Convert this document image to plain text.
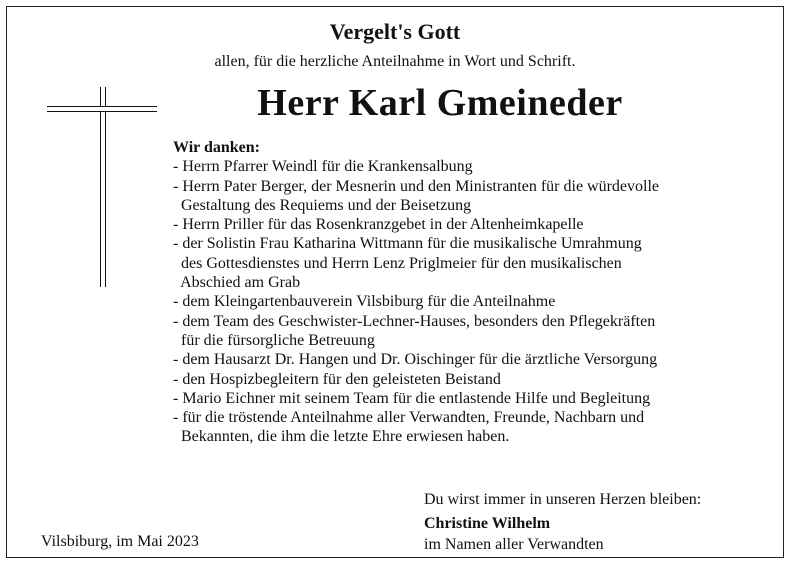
Vergelt's Gott
allen, für die herzliche Anteilnahme in Wort und Schrift.
Herr Karl Gmeineder
Wir danken:
- Herrn Pfarrer Weindl für die Krankensalbung
- Herrn Pater Berger, der Mesnerin und den Ministranten für die würdevolle
Gestaltung des Requiems und der Beisetzung
- Herrn Priller für das Rosenkranzgebet in der Altenheimkapelle
- der Solistin Frau Katharina Wittmann für die musikalische Umrahmung
des Gottesdienstes und Herrn Lenz Priglmeier für den musikalischen
Abschied am Grab
- dem Kleingartenbauverein Vilsbiburg für die Anteilnahme
- dem Team des Geschwister-Lechner-Hauses, besonders den Pflegekräften
für die fürsorgliche Betreuung
- dem Hausarzt Dr. Hangen und Dr. Oischinger für die ärztliche Versorgung
- den Hospizbegleitern für den geleisteten Beistand
- Mario Eichner mit seinem Team für die entlastende Hilfe und Begleitung
- für die tröstende Anteilnahme aller Verwandten, Freunde, Nachbarn und
Bekannten, die ihm die letzte Ehre erwiesen haben.
Du wirst immer in unseren Herzen bleiben:
Christine Wilhelm
im Namen aller Verwandten
Vilsbiburg, im Mai 2023
